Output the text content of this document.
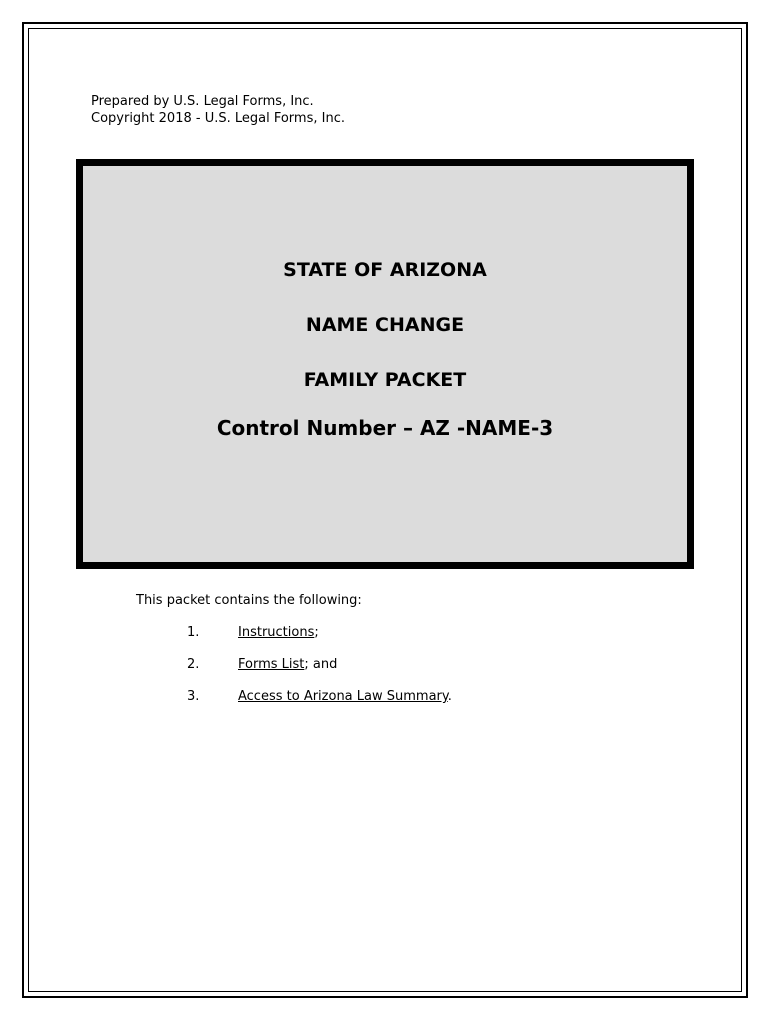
Prepared by U.S. Legal Forms, Inc.
Copyright 2018 - U.S. Legal Forms, Inc.
STATE OF ARIZONA
NAME CHANGE
FAMILY PACKET
Control Number – AZ -NAME-3
This packet contains the following:
1.	Instructions;
2.	Forms List; and
3.	Access to Arizona Law Summary.
